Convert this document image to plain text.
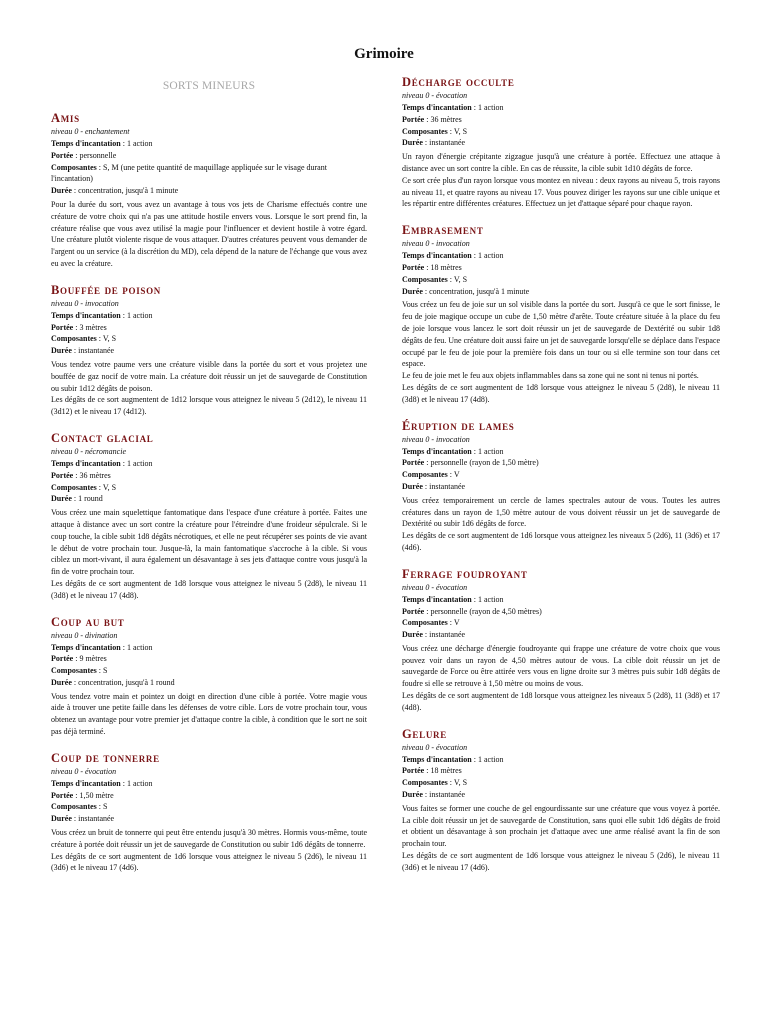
Grimoire
SORTS MINEURS
Amis
niveau 0 - enchantement
Temps d'incantation : 1 action
Portée : personnelle
Composantes : S, M (une petite quantité de maquillage appliquée sur le visage durant l'incantation)
Durée : concentration, jusqu'à 1 minute

Pour la durée du sort, vous avez un avantage à tous vos jets de Charisme effectués contre une créature de votre choix qui n'a pas une attitude hostile envers vous. Lorsque le sort prend fin, la créature réalise que vous avez utilisé la magie pour l'influencer et devient hostile à votre égard. Une créature plutôt violente risque de vous attaquer. D'autres créatures peuvent vous demander de l'argent ou un service (à la discrétion du MD), cela dépend de la nature de l'échange que vous avez eu avec la créature.

Bouffée de poison
niveau 0 - invocation
Temps d'incantation : 1 action
Portée : 3 mètres
Composantes : V, S
Durée : instantanée

Vous tendez votre paume vers une créature visible dans la portée du sort et vous projetez une bouffée de gaz nocif de votre main. La créature doit réussir un jet de sauvegarde de Constitution ou subir 1d12 dégâts de poison.

Les dégâts de ce sort augmentent de 1d12 lorsque vous atteignez le niveau 5 (2d12), le niveau 11 (3d12) et le niveau 17 (4d12).

Contact glacial
niveau 0 - nécromancie
Temps d'incantation : 1 action
Portée : 36 mètres
Composantes : V, S
Durée : 1 round

Vous créez une main squelettique fantomatique dans l'espace d'une créature à portée. Faites une attaque à distance avec un sort contre la créature pour l'étreindre d'une froideur sépulcrale. Si le coup touche, la cible subit 1d8 dégâts nécrotiques, et elle ne peut récupérer ses points de vie avant le début de votre prochain tour. Jusque-là, la main fantomatique s'accroche à la cible. Si vous ciblez un mort-vivant, il aura également un désavantage à ses jets d'attaque contre vous jusqu'à la fin de votre prochain tour.

Les dégâts de ce sort augmentent de 1d8 lorsque vous atteignez le niveau 5 (2d8), le niveau 11 (3d8) et le niveau 17 (4d8).

Coup au but
niveau 0 - divination
Temps d'incantation : 1 action
Portée : 9 mètres
Composantes : S
Durée : concentration, jusqu'à 1 round

Vous tendez votre main et pointez un doigt en direction d'une cible à portée. Votre magie vous aide à trouver une petite faille dans les défenses de votre cible. Lors de votre prochain tour, vous obtenez un avantage pour votre premier jet d'attaque contre la cible, à condition que le sort ne soit pas déjà terminé.

Coup de tonnerre
niveau 0 - évocation
Temps d'incantation : 1 action
Portée : 1,50 mètre
Composantes : S
Durée : instantanée

Vous créez un bruit de tonnerre qui peut être entendu jusqu'à 30 mètres. Hormis vous-même, toute créature à portée doit réussir un jet de sauvegarde de Constitution ou subir 1d6 dégâts de tonnerre.

Les dégâts de ce sort augmentent de 1d6 lorsque vous atteignez le niveau 5 (2d6), le niveau 11 (3d6) et le niveau 17 (4d6).

Décharge occulte
niveau 0 - évocation
Temps d'incantation : 1 action
Portée : 36 mètres
Composantes : V, S
Durée : instantanée

Un rayon d'énergie crépitante zigzague jusqu'à une créature à portée. Effectuez une attaque à distance avec un sort contre la cible. En cas de réussite, la cible subit 1d10 dégâts de force.

Ce sort crée plus d'un rayon lorsque vous montez en niveau : deux rayons au niveau 5, trois rayons au niveau 11, et quatre rayons au niveau 17. Vous pouvez diriger les rayons sur une cible unique et les répartir entre différentes créatures. Effectuez un jet d'attaque séparé pour chaque rayon.

Embrasement
niveau 0 - invocation
Temps d'incantation : 1 action
Portée : 18 mètres
Composantes : V, S
Durée : concentration, jusqu'à 1 minute

Vous créez un feu de joie sur un sol visible dans la portée du sort. Jusqu'à ce que le sort finisse, le feu de joie magique occupe un cube de 1,50 mètre d'arête. Toute créature située à la place du feu de joie lorsque vous lancez le sort doit réussir un jet de sauvegarde de Dextérité ou subir 1d8 dégâts de feu. Une créature doit aussi faire un jet de sauvegarde lorsqu'elle se déplace dans l'espace occupé par le feu de joie pour la première fois dans un tour ou si elle termine son tour dans cet espace.

Le feu de joie met le feu aux objets inflammables dans sa zone qui ne sont ni tenus ni portés.

Les dégâts de ce sort augmentent de 1d8 lorsque vous atteignez le niveau 5 (2d8), le niveau 11 (3d8) et le niveau 17 (4d8).

Éruption de lames
niveau 0 - invocation
Temps d'incantation : 1 action
Portée : personnelle (rayon de 1,50 mètre)
Composantes : V
Durée : instantanée

Vous créez temporairement un cercle de lames spectrales autour de vous. Toutes les autres créatures dans un rayon de 1,50 mètre autour de vous doivent réussir un jet de sauvegarde de Dextérité ou subir 1d6 dégâts de force.

Les dégâts de ce sort augmentent de 1d6 lorsque vous atteignez les niveaux 5 (2d6), 11 (3d6) et 17 (4d6).

Ferrage foudroyant
niveau 0 - évocation
Temps d'incantation : 1 action
Portée : personnelle (rayon de 4,50 mètres)
Composantes : V
Durée : instantanée

Vous créez une décharge d'énergie foudroyante qui frappe une créature de votre choix que vous pouvez voir dans un rayon de 4,50 mètres autour de vous. La cible doit réussir un jet de sauvegarde de Force ou être attirée vers vous en ligne droite sur 3 mètres puis subir 1d8 dégâts de foudre si elle se retrouve à 1,50 mètre ou moins de vous.

Les dégâts de ce sort augmentent de 1d8 lorsque vous atteignez les niveaux 5 (2d8), 11 (3d8) et 17 (4d8).

Gelure
niveau 0 - évocation
Temps d'incantation : 1 action
Portée : 18 mètres
Composantes : V, S
Durée : instantanée

Vous faites se former une couche de gel engourdissante sur une créature que vous voyez à portée. La cible doit réussir un jet de sauvegarde de Constitution, sans quoi elle subit 1d6 dégâts de froid et obtient un désavantage à son prochain jet d'attaque avec une arme réalisé avant la fin de son prochain tour.

Les dégâts de ce sort augmentent de 1d6 lorsque vous atteignez le niveau 5 (2d6), le niveau 11 (3d6) et le niveau 17 (4d6).
